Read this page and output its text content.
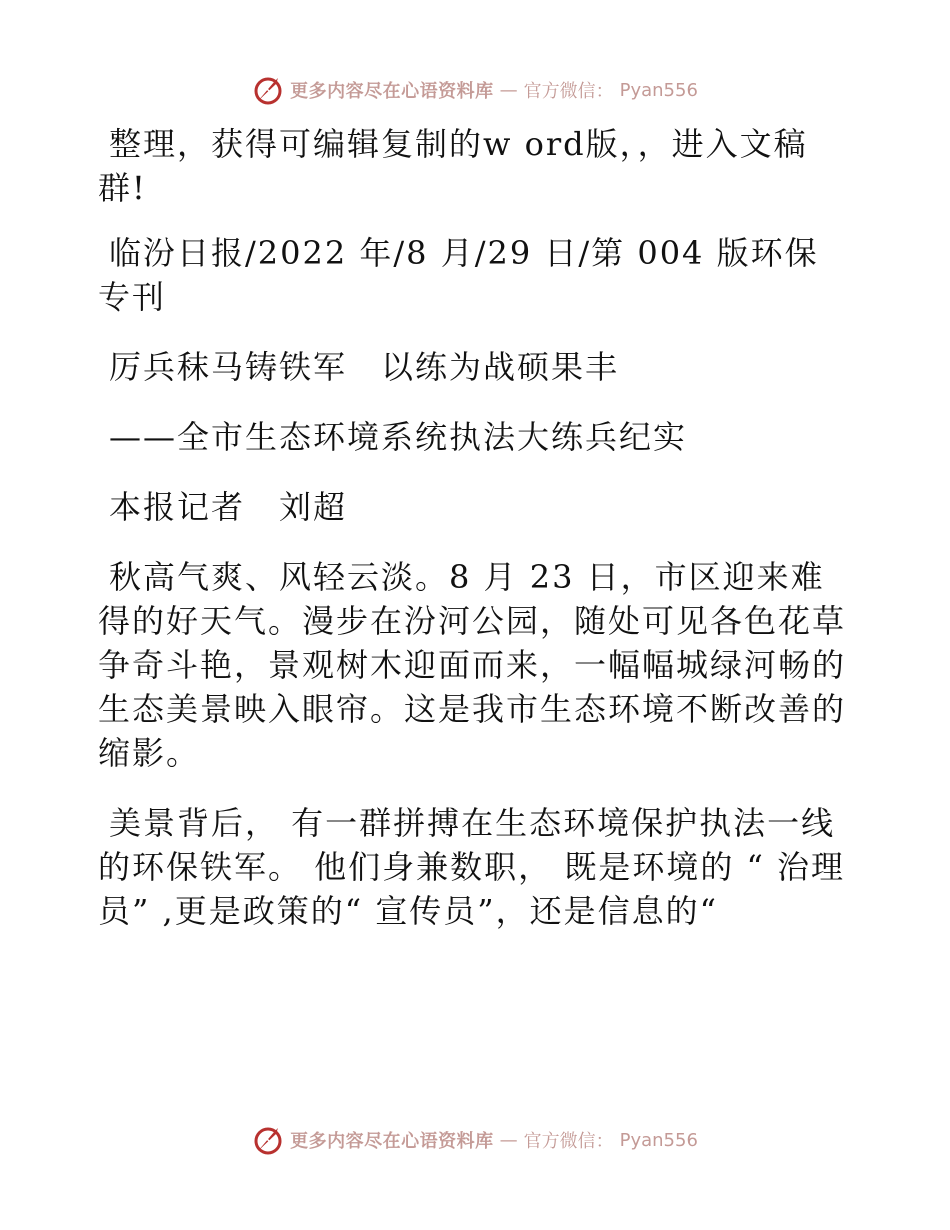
更多内容尽在心语资料库 — 官方微信： Pyan556

整理，获得可编辑复制的w ord版，，进入文稿群!

临汾日报/2022 年/8 月/29 日/第 004 版环保专刊

厉兵秣马铸铁军　以练为战硕果丰

——全市生态环境系统执法大练兵纪实

本报记者　刘超

秋高气爽、风轻云淡。8 月 23 日，市区迎来难得的好天气。漫步在汾河公园，随处可见各色花草争奇斗艳，景观树木迎面而来，一幅幅城绿河畅的生态美景映入眼帘。这是我市生态环境不断改善的缩影。

美景背后， 有一群拼搏在生态环境保护执法一线的环保铁军。 他们身兼数职， 既是环境的 “ 治理员” ,更是政策的“ 宣传员”，还是信息的“

更多内容尽在心语资料库 — 官方微信： Pyan556
